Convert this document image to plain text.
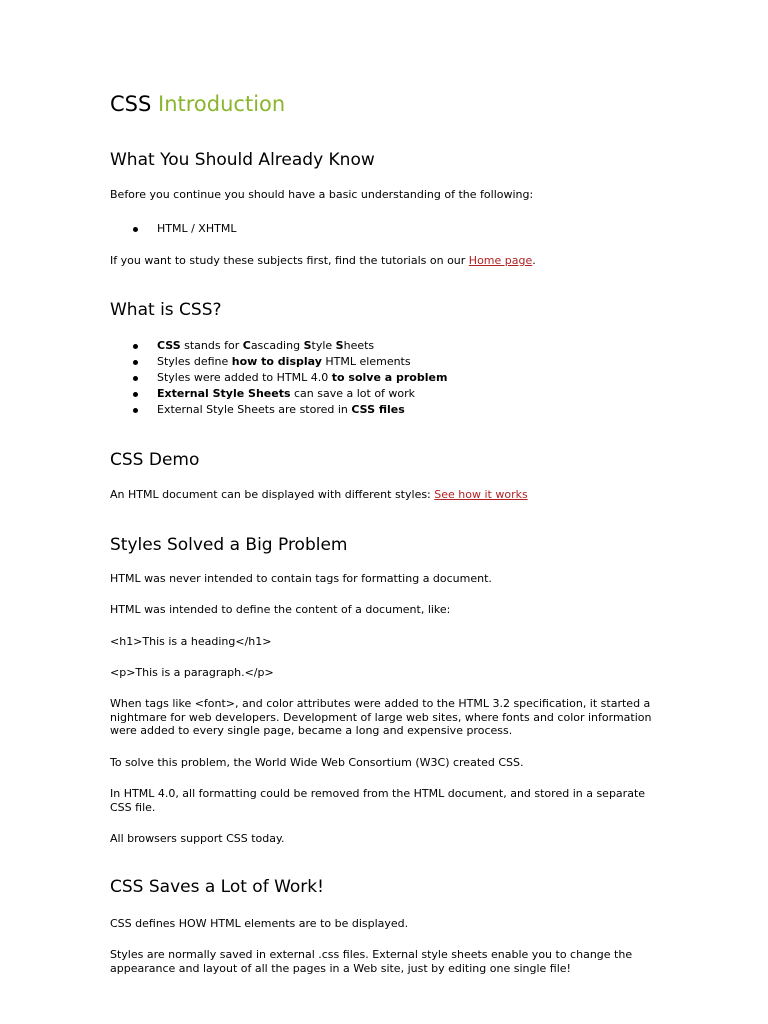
CSS Introduction
What You Should Already Know

Before you continue you should have a basic understanding of the following:

HTML / XHTML

If you want to study these subjects first, find the tutorials on our Home page.

What is CSS?
CSS stands for Cascading Style Sheets
Styles define how to display HTML elements
Styles were added to HTML 4.0 to solve a problem
External Style Sheets can save a lot of work
External Style Sheets are stored in CSS files
CSS Demo

An HTML document can be displayed with different styles: See how it works

Styles Solved a Big Problem

HTML was never intended to contain tags for formatting a document.

HTML was intended to define the content of a document, like:

<h1>This is a heading</h1>

<p>This is a paragraph.</p>

When tags like <font>, and color attributes were added to the HTML 3.2 specification, it started a
nightmare for web developers. Development of large web sites, where fonts and color information
were added to every single page, became a long and expensive process.

To solve this problem, the World Wide Web Consortium (W3C) created CSS.

In HTML 4.0, all formatting could be removed from the HTML document, and stored in a separate
CSS file.

All browsers support CSS today.

CSS Saves a Lot of Work!

CSS defines HOW HTML elements are to be displayed.

Styles are normally saved in external .css files. External style sheets enable you to change the
appearance and layout of all the pages in a Web site, just by editing one single file!
